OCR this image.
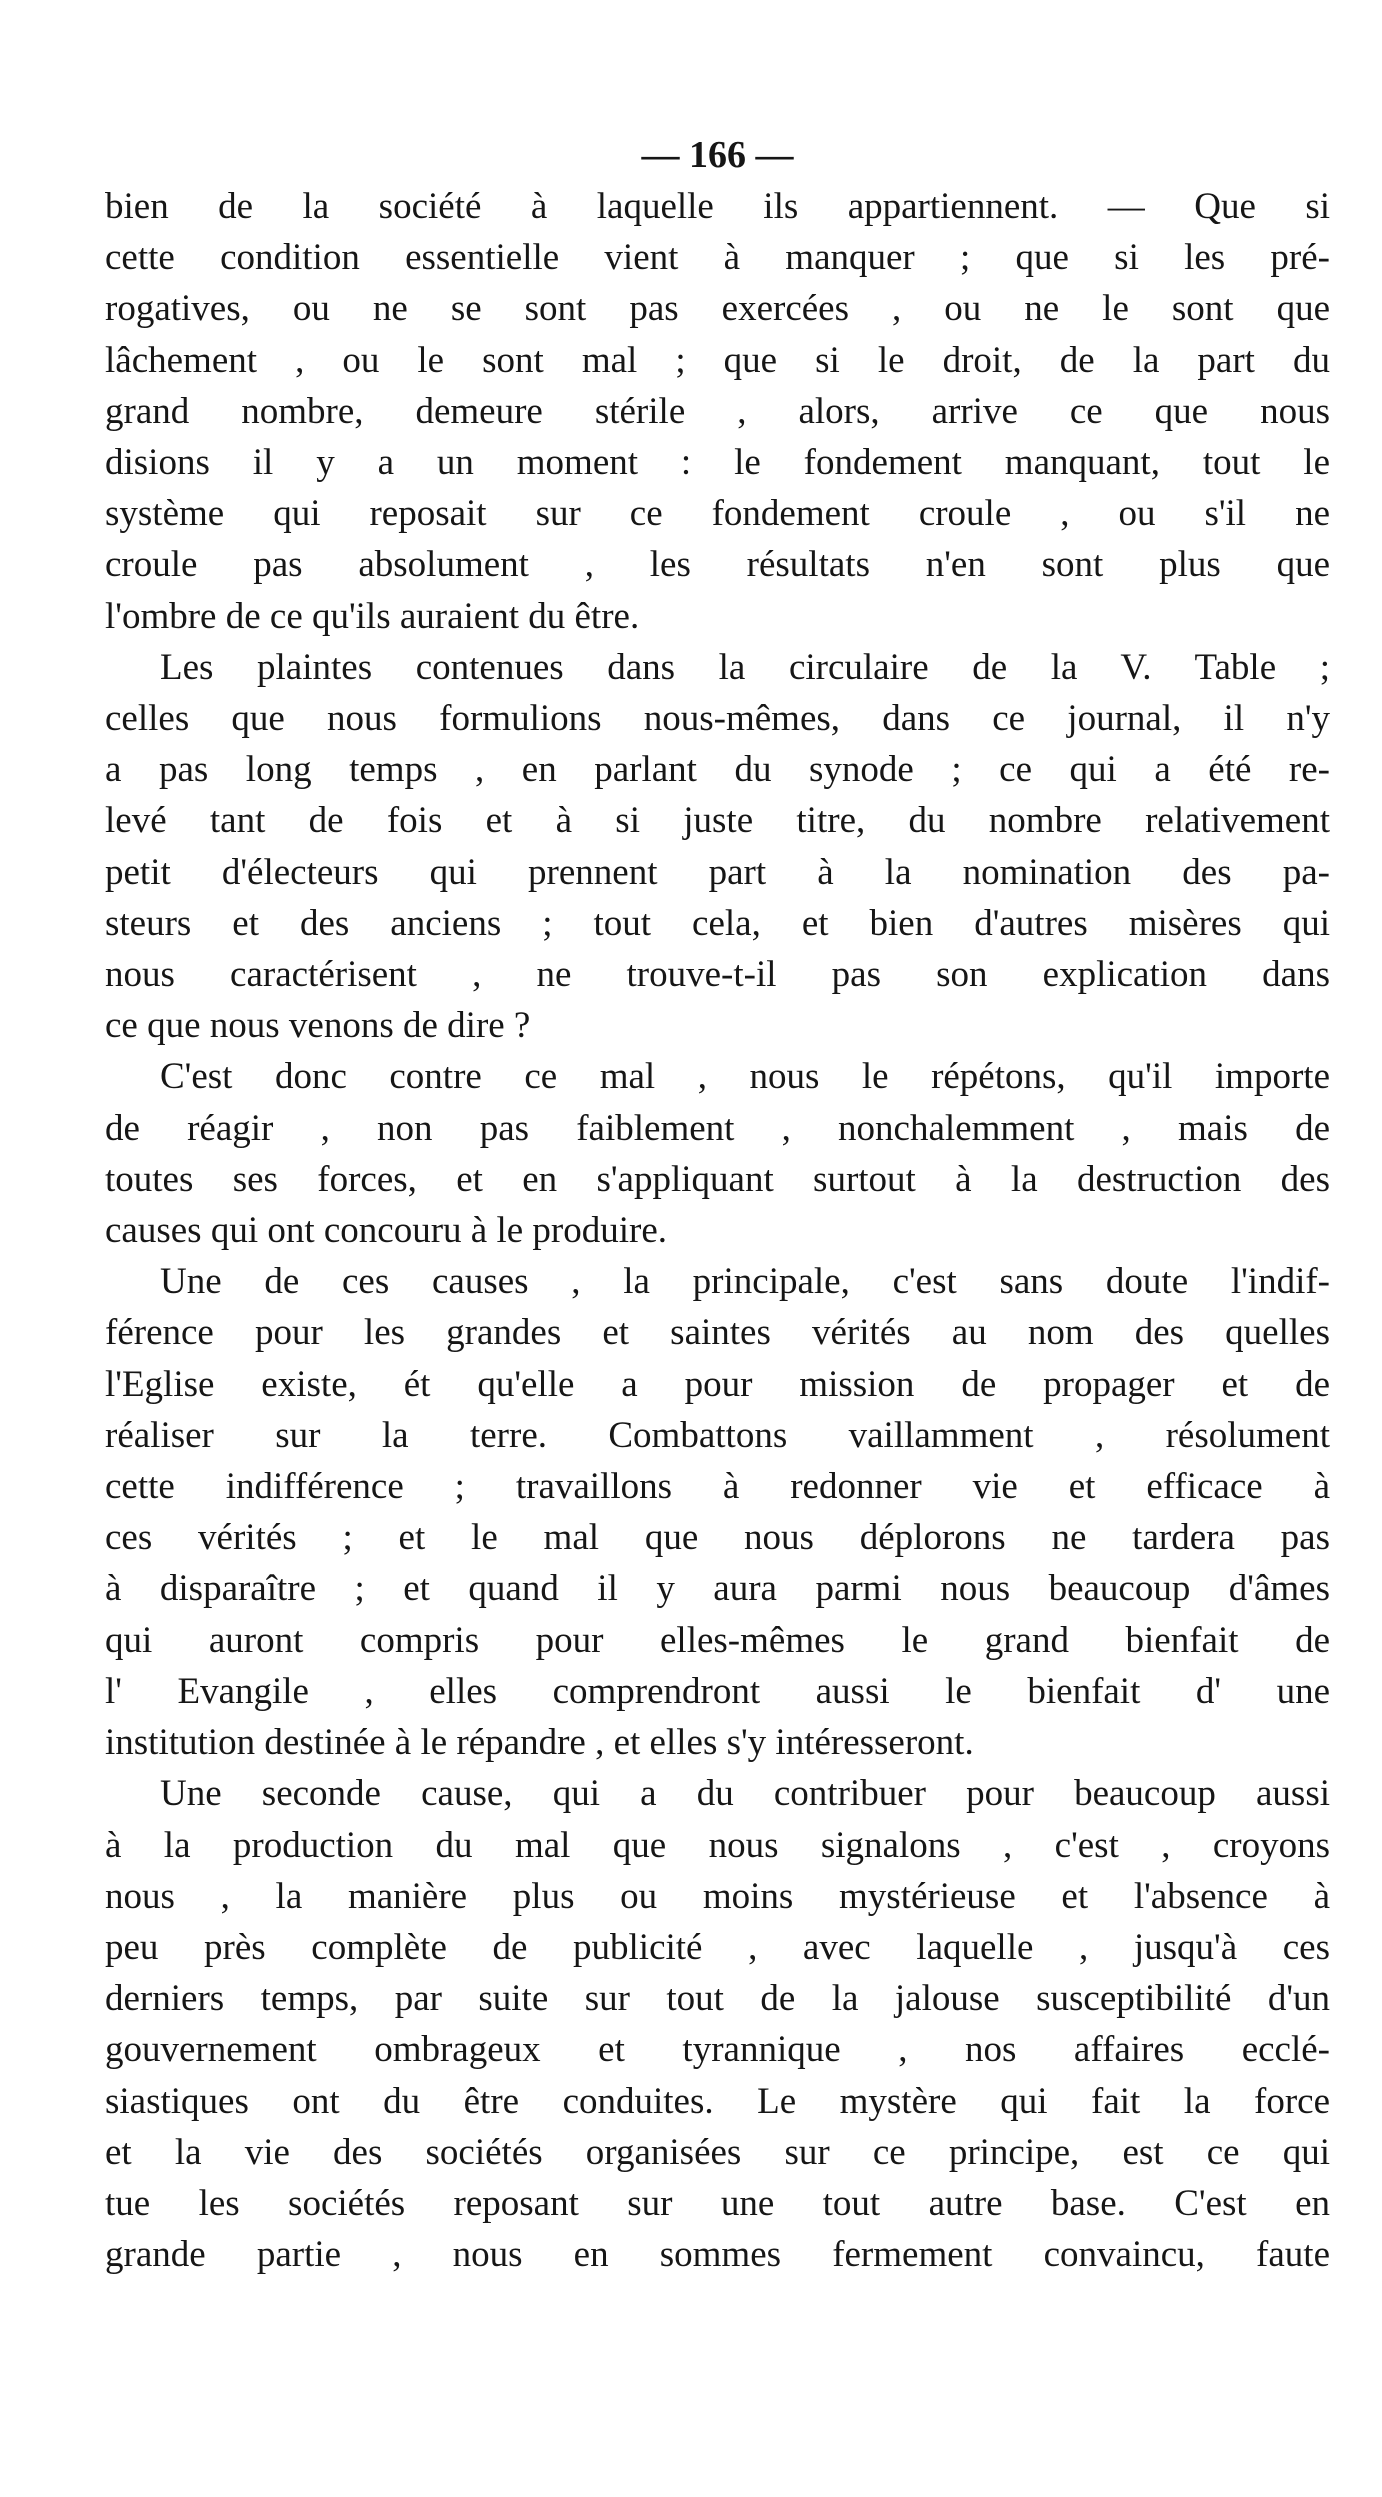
— 166 —
bien de la société à laquelle ils appartiennent. — Que si
cette condition essentielle vient à manquer ; que si les pré-
rogatives, ou ne se sont pas exercées , ou ne le sont que
lâchement , ou le sont mal ; que si le droit, de la part du
grand nombre, demeure stérile , alors, arrive ce que nous
disions il y a un moment : le fondement manquant, tout le
système qui reposait sur ce fondement croule , ou s'il ne
croule pas absolument , les résultats n'en sont plus que
l'ombre de ce qu'ils auraient du être.
Les plaintes contenues dans la circulaire de la V. Table ;
celles que nous formulions nous-mêmes, dans ce journal, il n'y
a pas long temps , en parlant du synode ; ce qui a été re-
levé tant de fois et à si juste titre, du nombre relativement
petit d'électeurs qui prennent part à la nomination des pa-
steurs et des anciens ; tout cela, et bien d'autres misères qui
nous caractérisent , ne trouve-t-il pas son explication dans
ce que nous venons de dire ?
C'est donc contre ce mal , nous le répétons, qu'il importe
de réagir , non pas faiblement , nonchalemment , mais de
toutes ses forces, et en s'appliquant surtout à la destruction des
causes qui ont concouru à le produire.
Une de ces causes , la principale, c'est sans doute l'indif-
férence pour les grandes et saintes vérités au nom des quelles
l'Eglise existe, ét qu'elle a pour mission de propager et de
réaliser sur la terre. Combattons vaillamment , résolument
cette indifférence ; travaillons à redonner vie et efficace à
ces vérités ; et le mal que nous déplorons ne tardera pas
à disparaître ; et quand il y aura parmi nous beaucoup d'âmes
qui auront compris pour elles-mêmes le grand bienfait de
l' Evangile , elles comprendront aussi le bienfait d' une
institution destinée à le répandre , et elles s'y intéresseront.
Une seconde cause, qui a du contribuer pour beaucoup aussi
à la production du mal que nous signalons , c'est , croyons
nous , la manière plus ou moins mystérieuse et l'absence à
peu près complète de publicité , avec laquelle , jusqu'à ces
derniers temps, par suite sur tout de la jalouse susceptibilité d'un
gouvernement ombrageux et tyrannique , nos affaires ecclé-
siastiques ont du être conduites. Le mystère qui fait la force
et la vie des sociétés organisées sur ce principe, est ce qui
tue les sociétés reposant sur une tout autre base. C'est en
grande partie , nous en sommes fermement convaincu, faute
